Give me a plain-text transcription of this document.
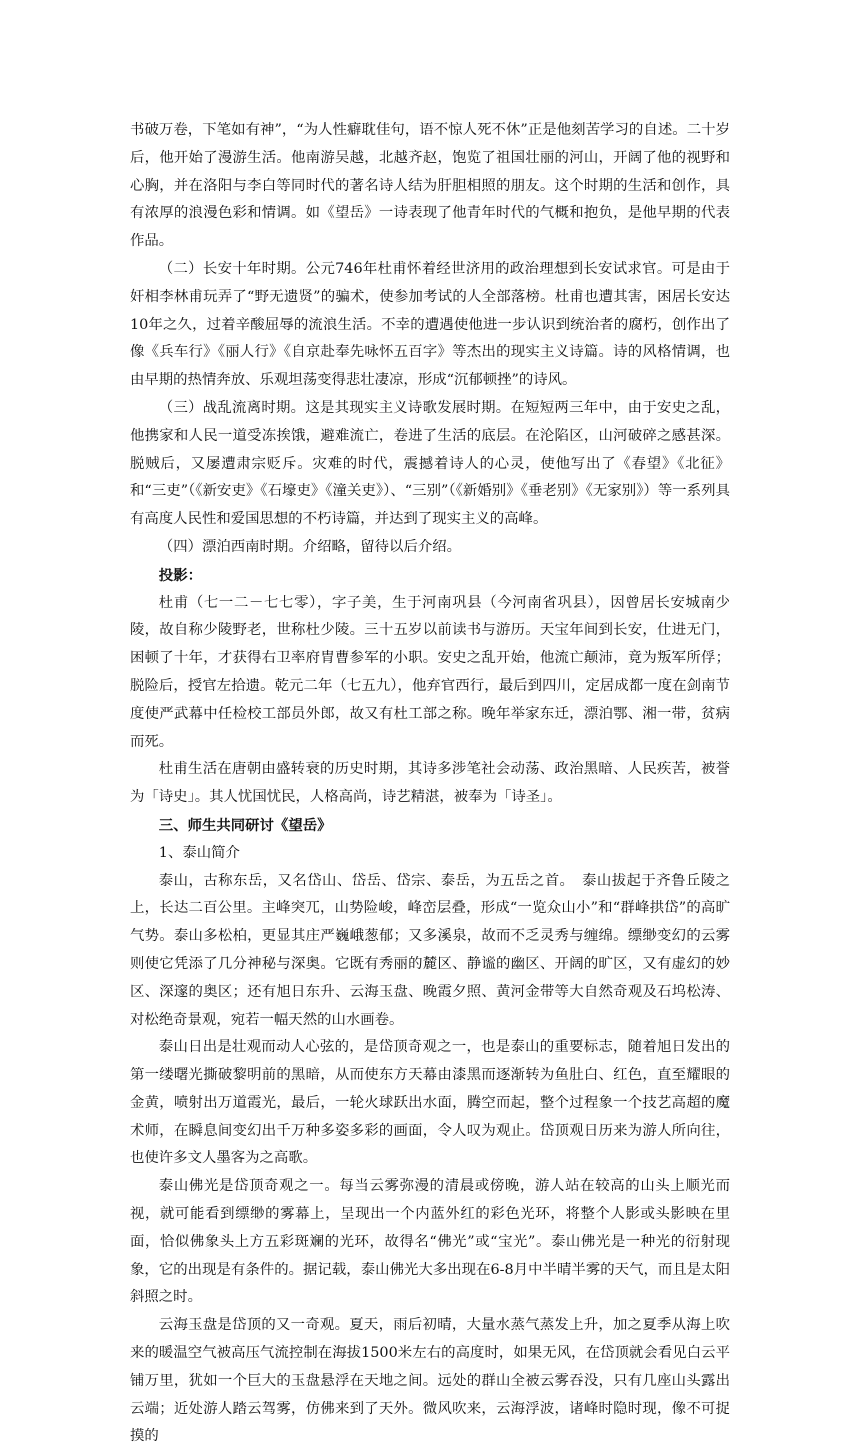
书破万卷，下笔如有神”，“为人性癖耽佳句，语不惊人死不休”正是他刻苦学习的自述。二十岁后，他开始了漫游生活。他南游吴越，北越齐赵，饱览了祖国壮丽的河山，开阔了他的视野和心胸，并在洛阳与李白等同时代的著名诗人结为肝胆相照的朋友。这个时期的生活和创作，具有浓厚的浪漫色彩和情调。如《望岳》一诗表现了他青年时代的气概和抱负，是他早期的代表作品。

（二）长安十年时期。公元746年杜甫怀着经世济用的政治理想到长安试求官。可是由于奸相李林甫玩弄了“野无遗贤”的骗术，使参加考试的人全部落榜。杜甫也遭其害，困居长安达10年之久，过着辛酸屈辱的流浪生活。不幸的遭遇使他进一步认识到统治者的腐朽，创作出了像《兵车行》《丽人行》《自京赴奉先咏怀五百字》等杰出的现实主义诗篇。诗的风格情调，也由早期的热情奔放、乐观坦荡变得悲壮凄凉，形成“沉郁顿挫”的诗风。

（三）战乱流离时期。这是其现实主义诗歌发展时期。在短短两三年中，由于安史之乱，他携家和人民一道受冻挨饿，避难流亡，卷进了生活的底层。在沦陷区，山河破碎之感甚深。脱贼后，又屡遭肃宗贬斥。灾难的时代，震撼着诗人的心灵，使他写出了《春望》《北征》和“三吏”（《新安吏》《石壕吏》《潼关吏》）、“三别”（《新婚别》《垂老别》《无家别》）等一系列具有高度人民性和爱国思想的不朽诗篇，并达到了现实主义的高峰。

（四）漂泊西南时期。介绍略，留待以后介绍。

投影：

杜甫（七一二－七七零），字子美，生于河南巩县（今河南省巩县），因曾居长安城南少陵，故自称少陵野老，世称杜少陵。三十五岁以前读书与游历。天宝年间到长安，仕进无门，困顿了十年，才获得右卫率府胄曹参军的小职。安史之乱开始，他流亡颠沛，竟为叛军所俘；脱险后，授官左拾遗。乾元二年（七五九），他弃官西行，最后到四川，定居成都一度在剑南节度使严武幕中任检校工部员外郎，故又有杜工部之称。晚年举家东迁，漂泊鄂、湘一带，贫病而死。

杜甫生活在唐朝由盛转衰的历史时期，其诗多涉笔社会动荡、政治黑暗、人民疾苦，被誉为「诗史」。其人忧国忧民，人格高尚，诗艺精湛，被奉为「诗圣」。

三、师生共同研讨《望岳》

1、泰山简介

泰山，古称东岳，又名岱山、岱岳、岱宗、泰岳，为五岳之首。　泰山拔起于齐鲁丘陵之上，长达二百公里。主峰突兀，山势险峻，峰峦层叠，形成“一览众山小”和“群峰拱岱”的高旷气势。泰山多松柏，更显其庄严巍峨葱郁；又多溪泉，故而不乏灵秀与缠绵。缥缈变幻的云雾则使它凭添了几分神秘与深奥。它既有秀丽的麓区、静谧的幽区、开阔的旷区，又有虚幻的妙区、深邃的奥区；还有旭日东升、云海玉盘、晚霞夕照、黄河金带等大自然奇观及石坞松涛、对松绝奇景观，宛若一幅天然的山水画卷。

泰山日出是壮观而动人心弦的，是岱顶奇观之一，也是泰山的重要标志，随着旭日发出的第一缕曙光撕破黎明前的黑暗，从而使东方天幕由漆黑而逐渐转为鱼肚白、红色，直至耀眼的金黄，喷射出万道霞光，最后，一轮火球跃出水面，腾空而起，整个过程象一个技艺高超的魔术师，在瞬息间变幻出千万种多姿多彩的画面，令人叹为观止。岱顶观日历来为游人所向往，也使许多文人墨客为之高歌。

泰山佛光是岱顶奇观之一。每当云雾弥漫的清晨或傍晚，游人站在较高的山头上顺光而视，就可能看到缥缈的雾幕上，呈现出一个内蓝外红的彩色光环，将整个人影或头影映在里面，恰似佛象头上方五彩斑斓的光环，故得名“佛光”或“宝光”。泰山佛光是一种光的衍射现象，它的出现是有条件的。据记载，泰山佛光大多出现在6-8月中半晴半雾的天气，而且是太阳斜照之时。

云海玉盘是岱顶的又一奇观。夏天，雨后初晴，大量水蒸气蒸发上升，加之夏季从海上吹来的暖温空气被高压气流控制在海拔1500米左右的高度时，如果无风，在岱顶就会看见白云平铺万里，犹如一个巨大的玉盘悬浮在天地之间。远处的群山全被云雾吞没，只有几座山头露出云端；近处游人踏云驾雾，仿佛来到了天外。微风吹来，云海浮波，诸峰时隐时现，像不可捉摸的
